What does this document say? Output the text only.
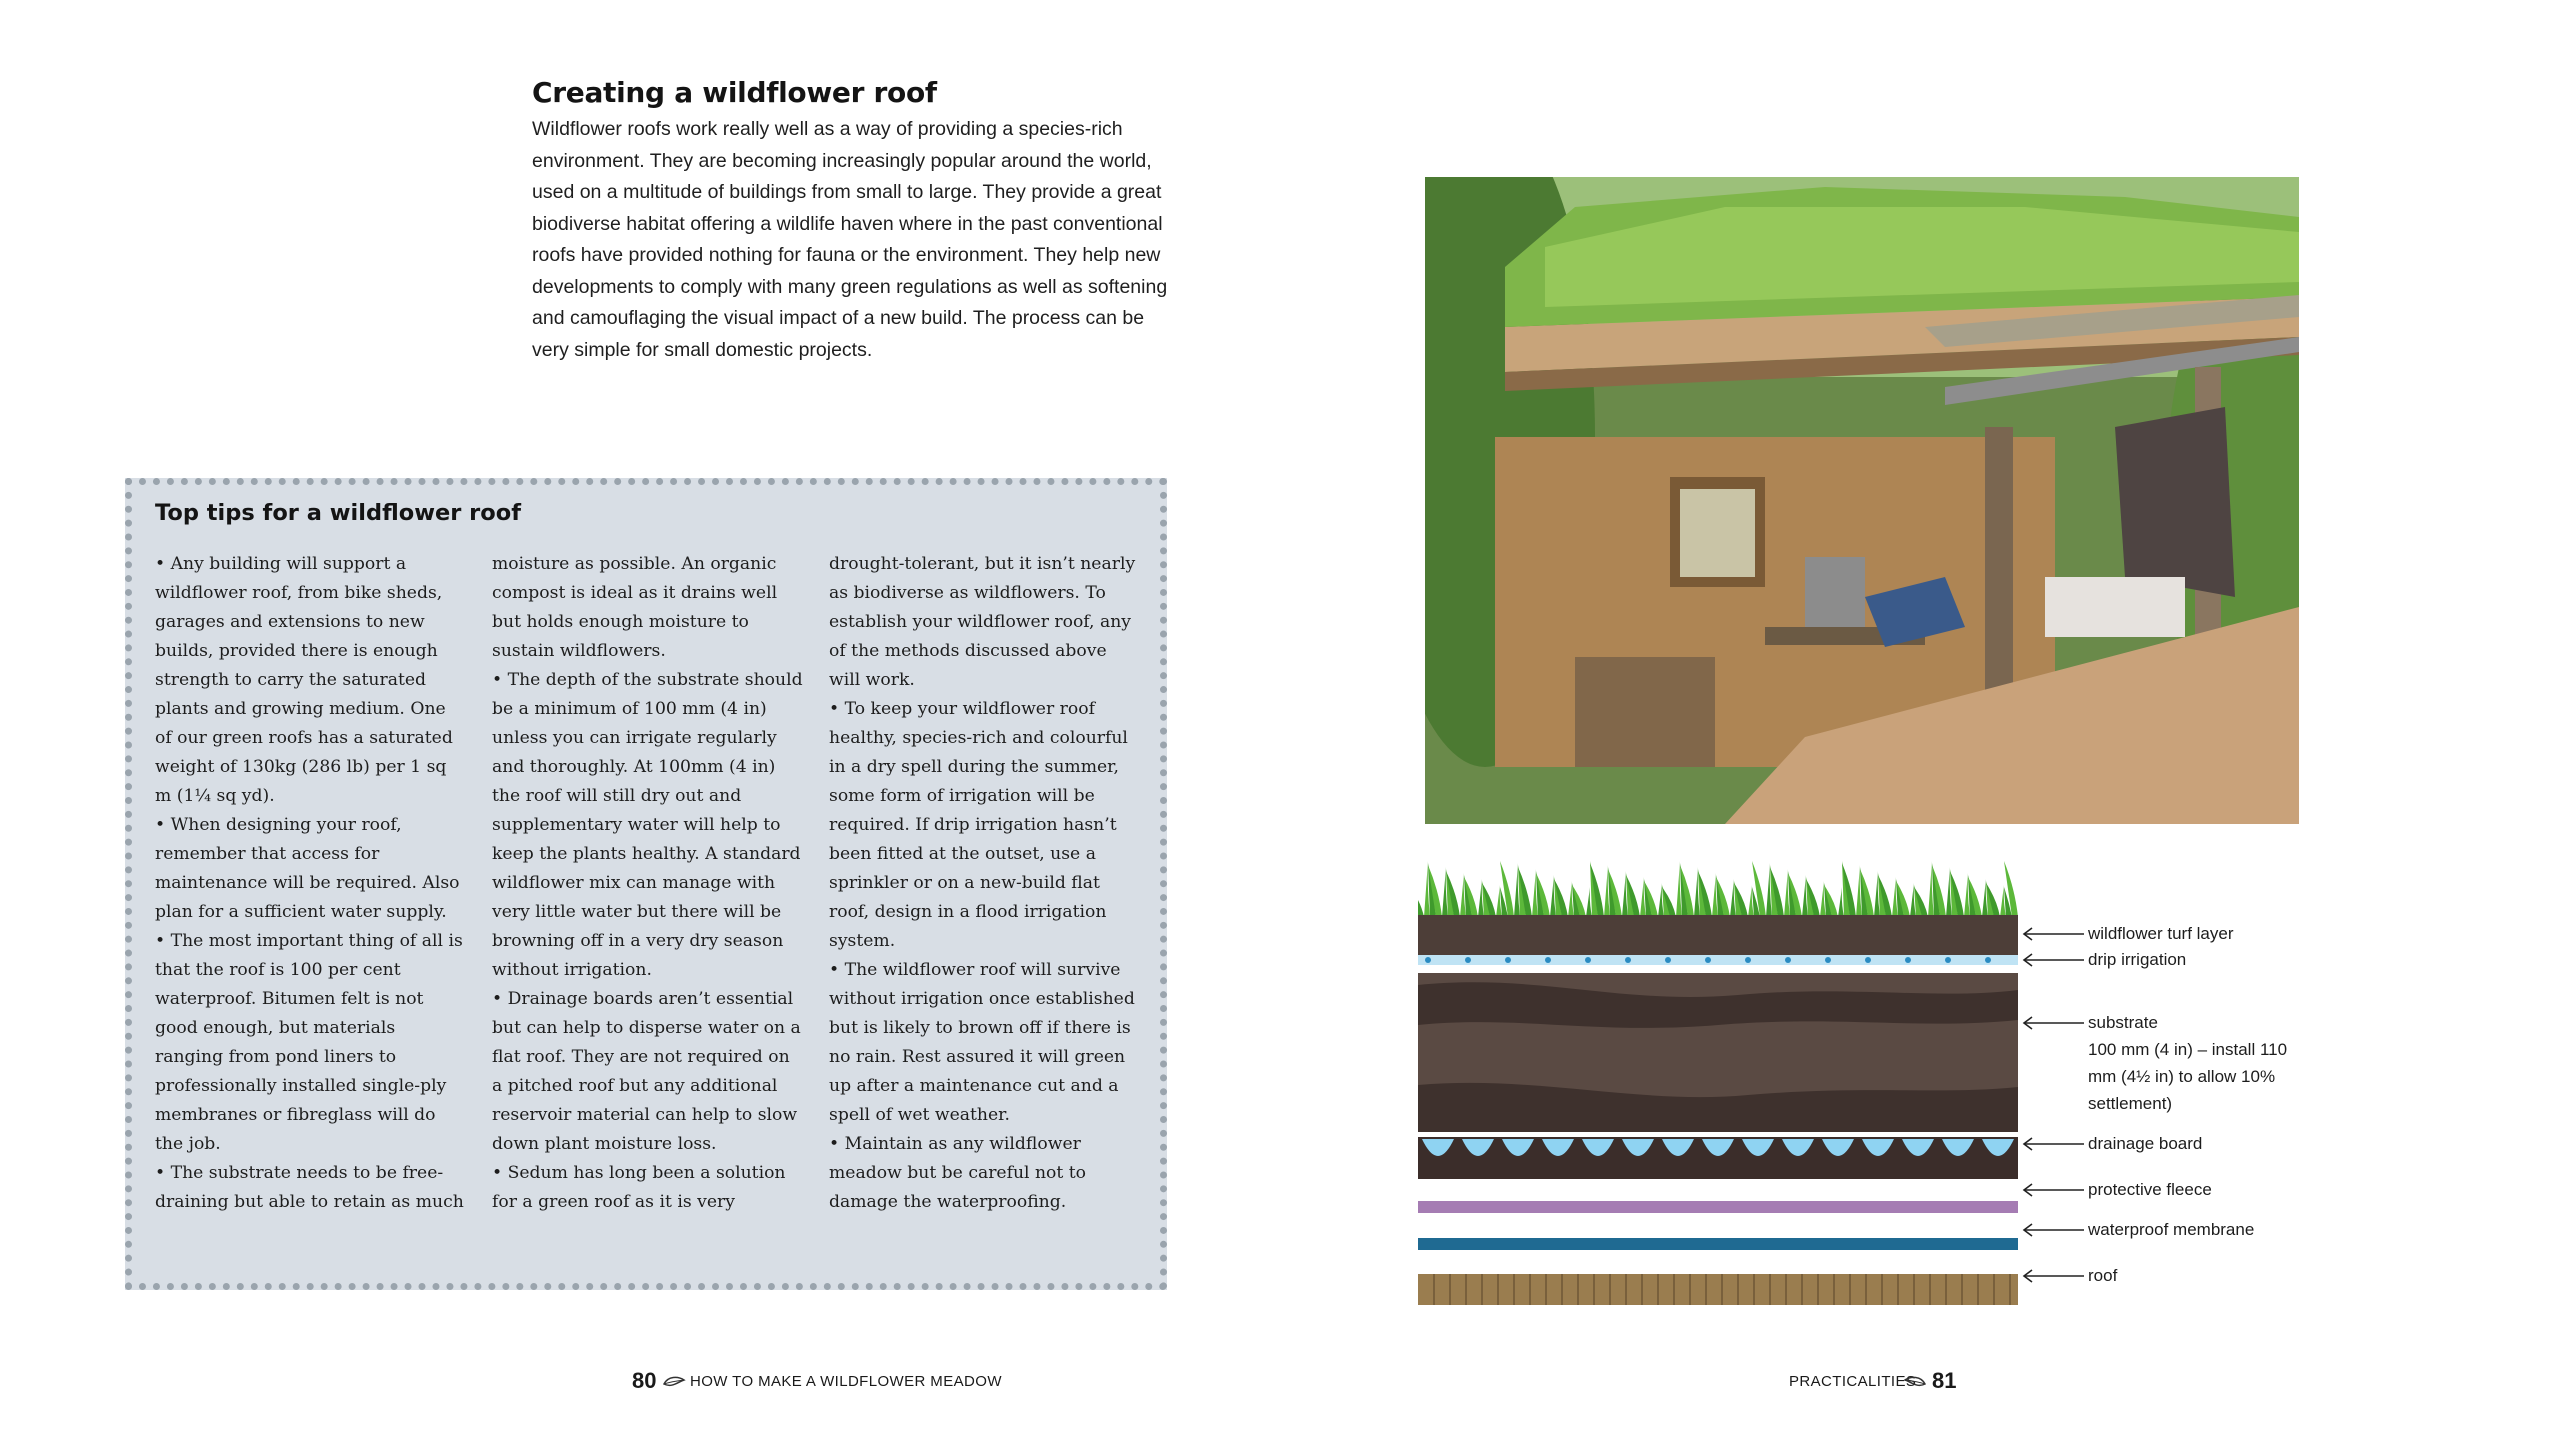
Creating a wildflower roof

Wildflower roofs work really well as a way of providing a species-rich environment. They are becoming increasingly popular around the world, used on a multitude of buildings from small to large. They provide a great biodiverse habitat offering a wildlife haven where in the past conventional roofs have provided nothing for fauna or the environment. They help new developments to comply with many green regulations as well as softening and camouflaging the visual impact of a new build. The process can be very simple for small domestic projects.

Top tips for a wildflower roof

• Any building will support a wildflower roof, from bike sheds, garages and extensions to new builds, provided there is enough strength to carry the saturated plants and growing medium. One of our green roofs has a saturated weight of 130kg (286 lb) per 1 sq m (1¼ sq yd).

• When designing your roof, remember that access for maintenance will be required. Also plan for a sufficient water supply.

• The most important thing of all is that the roof is 100 per cent waterproof. Bitumen felt is not good enough, but materials ranging from pond liners to professionally installed single-ply membranes or fibreglass will do the job.

• The substrate needs to be free-draining but able to retain as much

moisture as possible. An organic compost is ideal as it drains well but holds enough moisture to sustain wildflowers.

• The depth of the substrate should be a minimum of 100 mm (4 in) unless you can irrigate regularly and thoroughly. At 100mm (4 in) the roof will still dry out and supplementary water will help to keep the plants healthy. A standard wildflower mix can manage with very little water but there will be browning off in a very dry season without irrigation.

• Drainage boards aren’t essential but can help to disperse water on a flat roof. They are not required on a pitched roof but any additional reservoir material can help to slow down plant moisture loss.

• Sedum has long been a solution for a green roof as it is very

drought-tolerant, but it isn’t nearly as biodiverse as wildflowers. To establish your wildflower roof, any of the methods discussed above will work.

• To keep your wildflower roof healthy, species-rich and colourful in a dry spell during the summer, some form of irrigation will be required. If drip irrigation hasn’t been fitted at the outset, use a sprinkler or on a new-build flat roof, design in a flood irrigation system.

• The wildflower roof will survive without irrigation once established but is likely to brown off if there is no rain. Rest assured it will green up after a maintenance cut and a spell of wet weather.

• Maintain as any wildflower meadow but be careful not to damage the waterproofing.

wildflower turf layer
drip irrigation
substrate
100 mm (4 in) – install 110
mm (4½ in) to allow 10%
settlement)
drainage board
protective fleece
waterproof membrane
roof
80 HOW TO MAKE A WILDFLOWER MEADOW	PRACTICALITIES 81
